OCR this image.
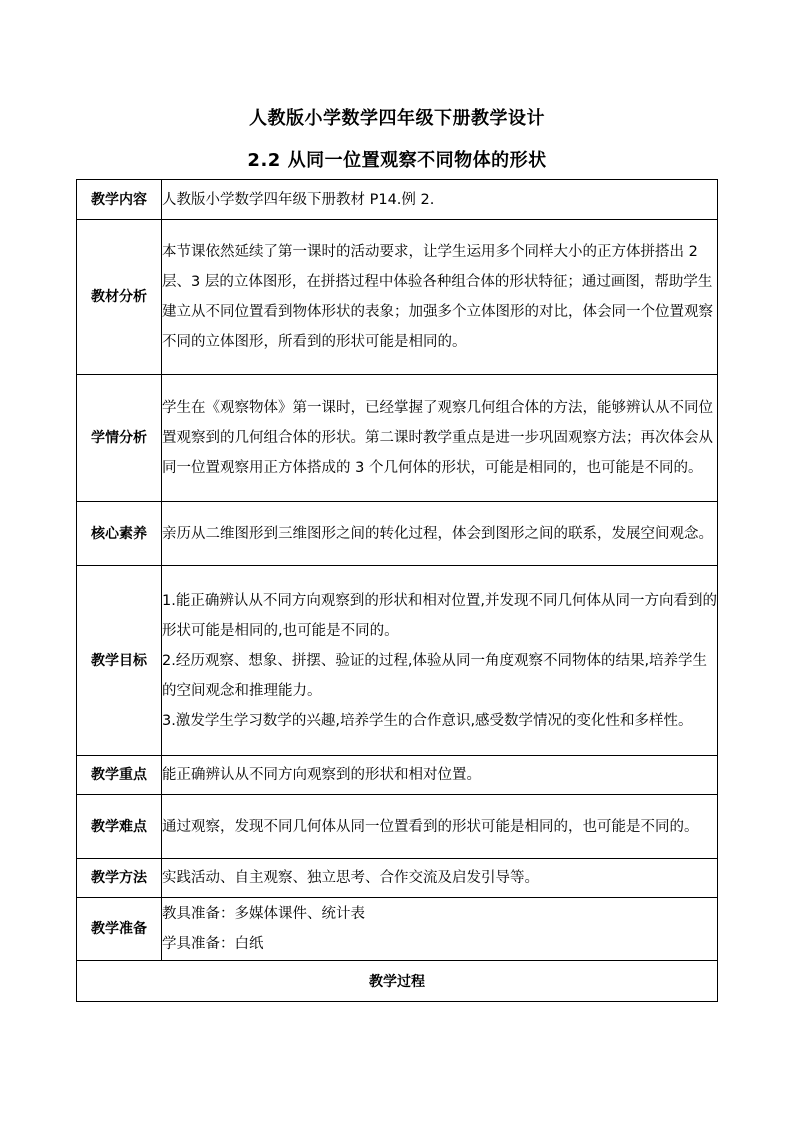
人教版小学数学四年级下册教学设计
2.2 从同一位置观察不同物体的形状
教学内容	人教版小学数学四年级下册教材 P14.例 2.
教材分析	本节课依然延续了第一课时的活动要求，让学生运用多个同样大小的正方体拼搭出 2 层、3 层的立体图形，在拼搭过程中体验各种组合体的形状特征；通过画图，帮助学生建立从不同位置看到物体形状的表象；加强多个立体图形的对比，体会同一个位置观察不同的立体图形，所看到的形状可能是相同的。
学情分析	学生在《观察物体》第一课时，已经掌握了观察几何组合体的方法，能够辨认从不同位置观察到的几何组合体的形状。第二课时教学重点是进一步巩固观察方法；再次体会从同一位置观察用正方体搭成的 3 个几何体的形状，可能是相同的，也可能是不同的。
核心素养	亲历从二维图形到三维图形之间的转化过程，体会到图形之间的联系，发展空间观念。
教学目标	1.能正确辨认从不同方向观察到的形状和相对位置,并发现不同几何体从同一方向看到的形状可能是相同的,也可能是不同的。
2.经历观察、想象、拼摆、验证的过程,体验从同一角度观察不同物体的结果,培养学生的空间观念和推理能力。
3.激发学生学习数学的兴趣,培养学生的合作意识,感受数学情况的变化性和多样性。

教学重点	能正确辨认从不同方向观察到的形状和相对位置。
教学难点	通过观察，发现不同几何体从同一位置看到的形状可能是相同的，也可能是不同的。
教学方法	实践活动、自主观察、独立思考、合作交流及启发引导等。
教学准备	教具准备：多媒体课件、统计表
学具准备：白纸

教学过程	
